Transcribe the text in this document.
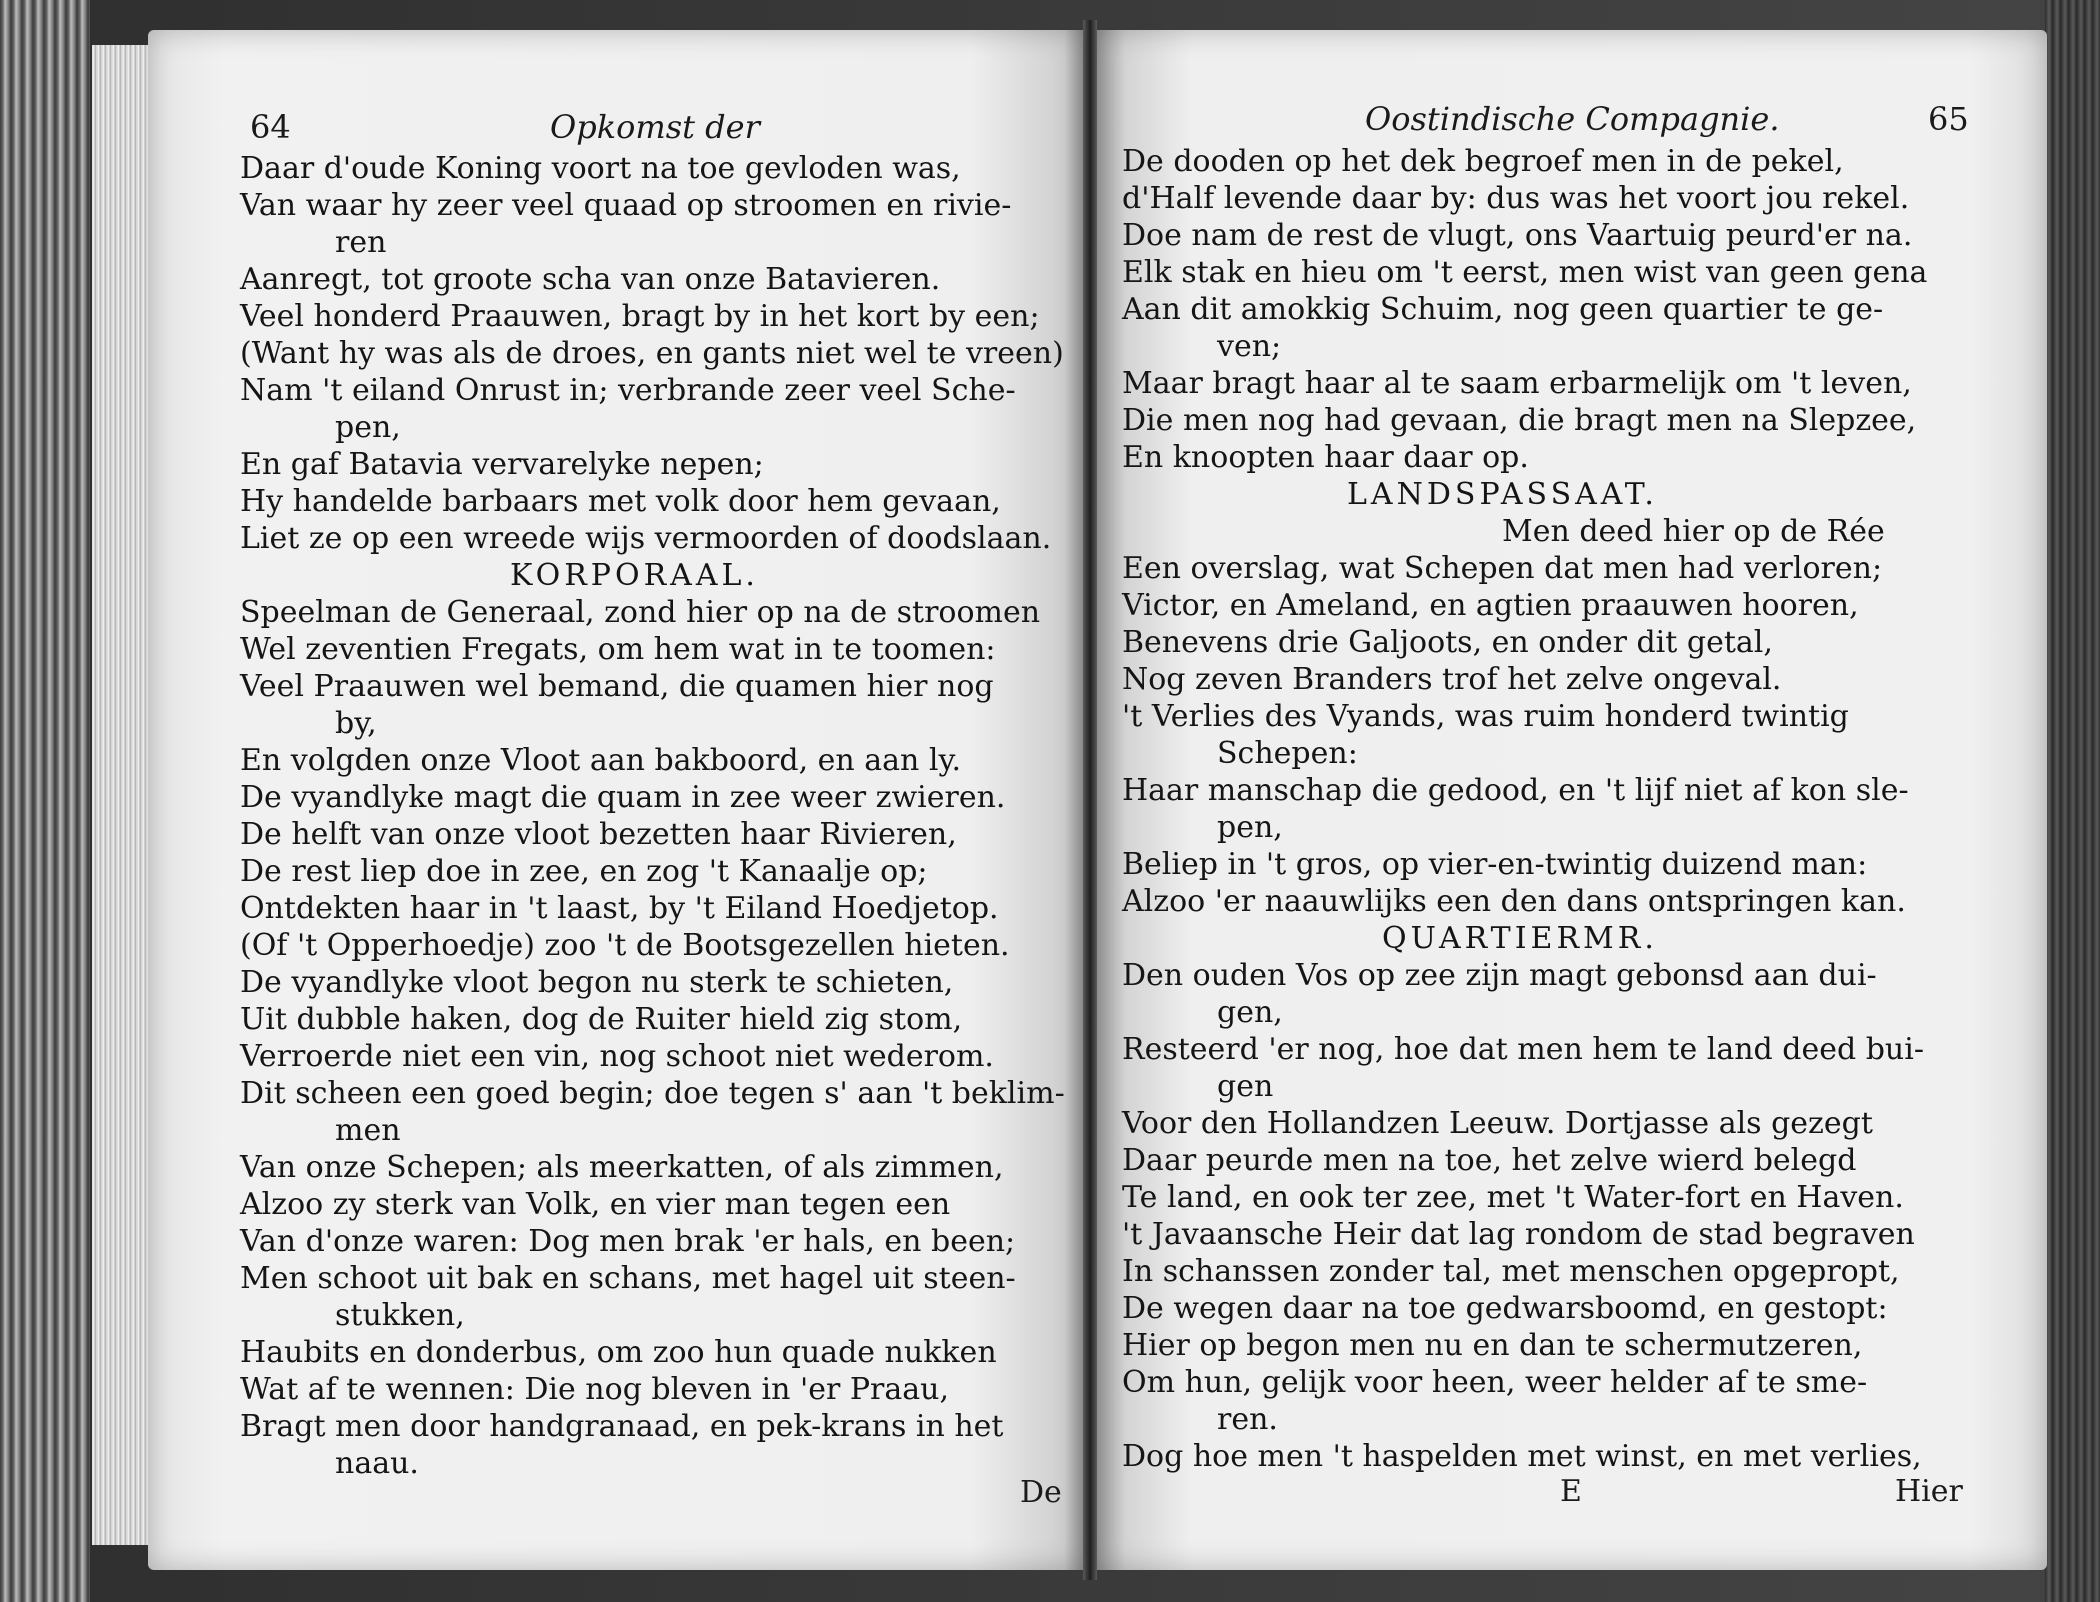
64	Opkomst der
Daar d'oude Koning voort na toe gevloden was,
Van waar hy zeer veel quaad op stroomen en rivie-
ren
Aanregt, tot groote scha van onze Batavieren.
Veel honderd Praauwen, bragt by in het kort by een;
(Want hy was als de droes, en gants niet wel te vreen)
Nam 't eiland Onrust in; verbrande zeer veel Sche-
pen,
En gaf Batavia vervarelyke nepen;
Hy handelde barbaars met volk door hem gevaan,
Liet ze op een wreede wijs vermoorden of doodslaan.
KORPORAAL.
Speelman de Generaal, zond hier op na de stroomen
Wel zeventien Fregats, om hem wat in te toomen:
Veel Praauwen wel bemand, die quamen hier nog
by,
En volgden onze Vloot aan bakboord, en aan ly.
De vyandlyke magt die quam in zee weer zwieren.
De helft van onze vloot bezetten haar Rivieren,
De rest liep doe in zee, en zog 't Kanaalje op;
Ontdekten haar in 't laast, by 't Eiland Hoedjetop.
(Of 't Opperhoedje) zoo 't de Bootsgezellen hieten.
De vyandlyke vloot begon nu sterk te schieten,
Uit dubble haken, dog de Ruiter hield zig stom,
Verroerde niet een vin, nog schoot niet wederom.
Dit scheen een goed begin; doe tegen s' aan 't beklim-
men
Van onze Schepen; als meerkatten, of als zimmen,
Alzoo zy sterk van Volk, en vier man tegen een
Van d'onze waren: Dog men brak 'er hals, en been;
Men schoot uit bak en schans, met hagel uit steen-
stukken,
Haubits en donderbus, om zoo hun quade nukken
Wat af te wennen: Die nog bleven in 'er Praau,
Bragt men door handgranaad, en pek-krans in het
naau.
De
Oostindische Compagnie.	65
De dooden op het dek begroef men in de pekel,
d'Half levende daar by: dus was het voort jou rekel.
Doe nam de rest de vlugt, ons Vaartuig peurd'er na.
Elk stak en hieu om 't eerst, men wist van geen gena
Aan dit amokkig Schuim, nog geen quartier te ge-
ven;
Maar bragt haar al te saam erbarmelijk om 't leven,
Die men nog had gevaan, die bragt men na Slepzee,
En knoopten haar daar op.
LANDSPASSAAT.
Men deed hier op de Rée
Een overslag, wat Schepen dat men had verloren;
Victor, en Ameland, en agtien praauwen hooren,
Benevens drie Galjoots, en onder dit getal,
Nog zeven Branders trof het zelve ongeval.
't Verlies des Vyands, was ruim honderd twintig
Schepen:
Haar manschap die gedood, en 't lijf niet af kon sle-
pen,
Beliep in 't gros, op vier-en-twintig duizend man:
Alzoo 'er naauwlijks een den dans ontspringen kan.
QUARTIERMR.
Den ouden Vos op zee zijn magt gebonsd aan dui-
gen,
Resteerd 'er nog, hoe dat men hem te land deed bui-
gen
Voor den Hollandzen Leeuw. Dortjasse als gezegt
Daar peurde men na toe, het zelve wierd belegd
Te land, en ook ter zee, met 't Water-fort en Haven.
't Javaansche Heir dat lag rondom de stad begraven
In schanssen zonder tal, met menschen opgepropt,
De wegen daar na toe gedwarsboomd, en gestopt:
Hier op begon men nu en dan te schermutzeren,
Om hun, gelijk voor heen, weer helder af te sme-
ren.
Dog hoe men 't haspelden met winst, en met verlies,
E	Hier
